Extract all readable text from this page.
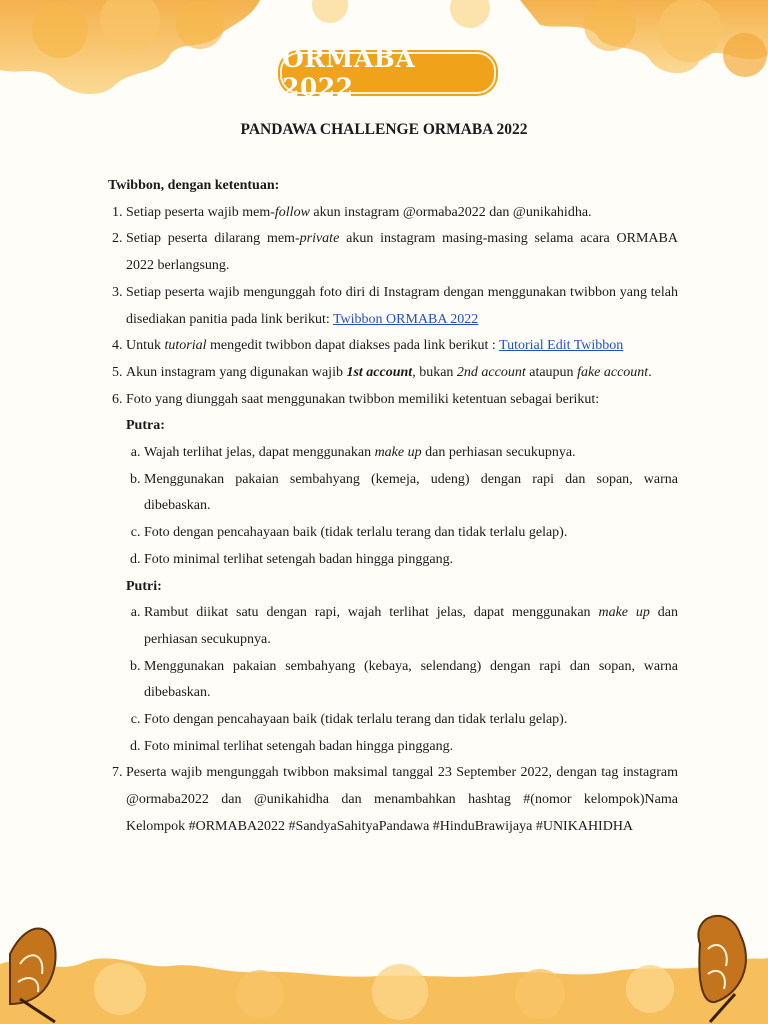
ORMABA 2022
PANDAWA CHALLENGE ORMABA 2022
Twibbon, dengan ketentuan:
1. Setiap peserta wajib mem-follow akun instagram @ormaba2022 dan @unikahidha.
2. Setiap peserta dilarang mem-private akun instagram masing-masing selama acara ORMABA 2022 berlangsung.
3. Setiap peserta wajib mengunggah foto diri di Instagram dengan menggunakan twibbon yang telah disediakan panitia pada link berikut: Twibbon ORMABA 2022
4. Untuk tutorial mengedit twibbon dapat diakses pada link berikut : Tutorial Edit Twibbon
5. Akun instagram yang digunakan wajib 1st account, bukan 2nd account ataupun fake account.
6. Foto yang diunggah saat menggunakan twibbon memiliki ketentuan sebagai berikut:
Putra:
a. Wajah terlihat jelas, dapat menggunakan make up dan perhiasan secukupnya.
b. Menggunakan pakaian sembahyang (kemeja, udeng) dengan rapi dan sopan, warna dibebaskan.
c. Foto dengan pencahayaan baik (tidak terlalu terang dan tidak terlalu gelap).
d. Foto minimal terlihat setengah badan hingga pinggang.
Putri:
a. Rambut diikat satu dengan rapi, wajah terlihat jelas, dapat menggunakan make up dan perhiasan secukupnya.
b. Menggunakan pakaian sembahyang (kebaya, selendang) dengan rapi dan sopan, warna dibebaskan.
c. Foto dengan pencahayaan baik (tidak terlalu terang dan tidak terlalu gelap).
d. Foto minimal terlihat setengah badan hingga pinggang.
7. Peserta wajib mengunggah twibbon maksimal tanggal 23 September 2022, dengan tag instagram @ormaba2022 dan @unikahidha dan menambahkan hashtag #(nomor kelompok)Nama Kelompok #ORMABA2022 #SandyaSahityaPandawa #HinduBrawijaya #UNIKAHIDHA
